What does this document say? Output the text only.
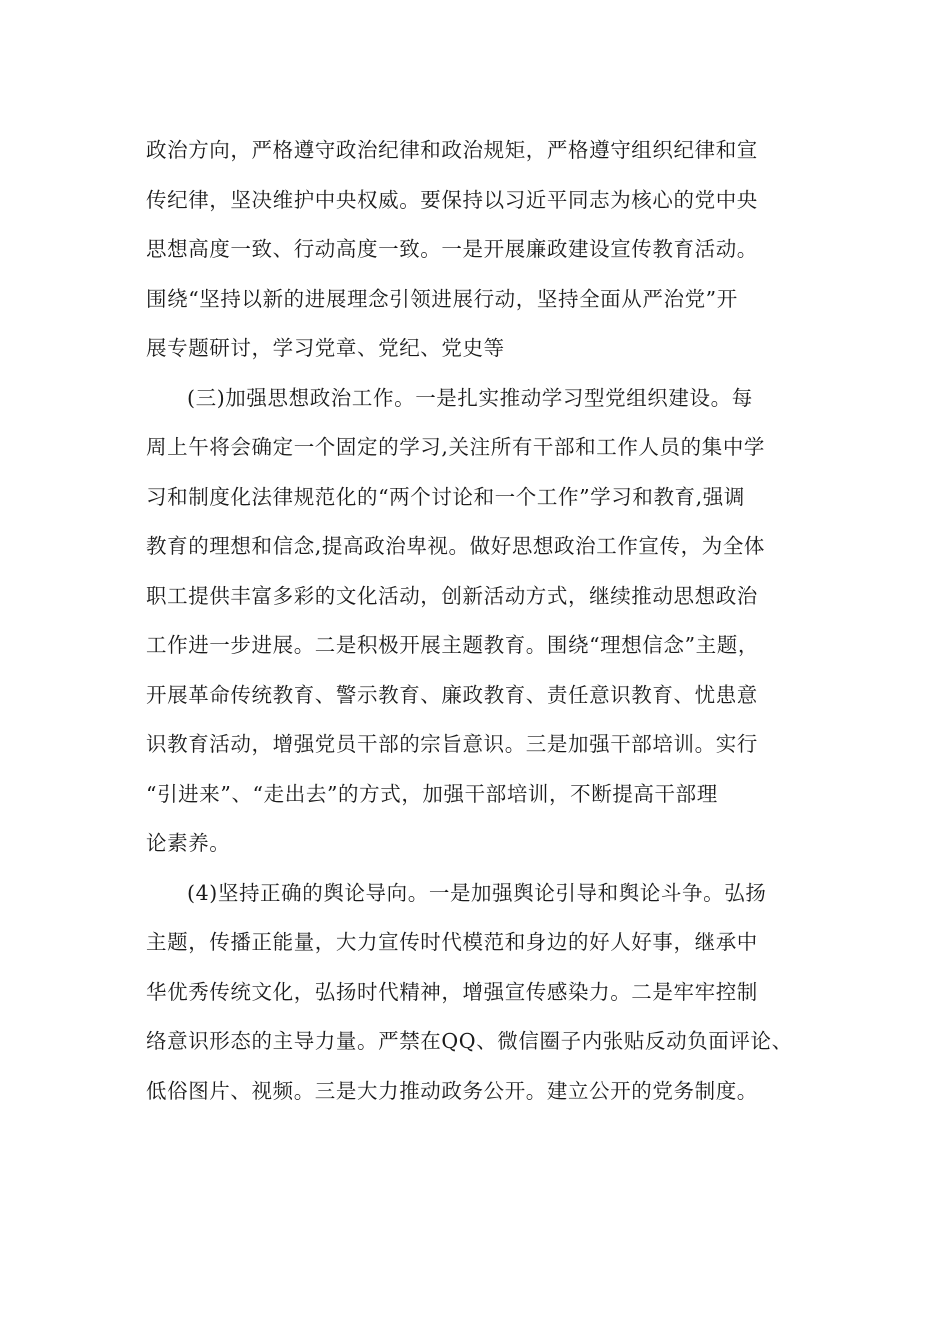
政治方向，严格遵守政治纪律和政治规矩，严格遵守组织纪律和宣
传纪律，坚决维护中央权威。要保持以习近平同志为核心的党中央
思想高度一致、行动高度一致。一是开展廉政建设宣传教育活动。
围绕“坚持以新的进展理念引领进展行动，坚持全面从严治党”开
展专题研讨，学习党章、党纪、党史等
(三)加强思想政治工作。一是扎实推动学习型党组织建设。每
周上午将会确定一个固定的学习,关注所有干部和工作人员的集中学
习和制度化法律规范化的“两个讨论和一个工作”学习和教育,强调
教育的理想和信念,提高政治卑视。做好思想政治工作宣传，为全体
职工提供丰富多彩的文化活动，创新活动方式，继续推动思想政治
工作进一步进展。二是积极开展主题教育。围绕“理想信念”主题，
开展革命传统教育、警示教育、廉政教育、责任意识教育、忧患意
识教育活动，增强党员干部的宗旨意识。三是加强干部培训。实行
“引进来”、“走出去”的方式，加强干部培训，不断提高干部理
论素养。
(4)坚持正确的舆论导向。一是加强舆论引导和舆论斗争。弘扬
主题，传播正能量，大力宣传时代模范和身边的好人好事，继承中
华优秀传统文化，弘扬时代精神，增强宣传感染力。二是牢牢控制
络意识形态的主导力量。严禁在QQ、微信圈子内张贴反动负面评论、
低俗图片、视频。三是大力推动政务公开。建立公开的党务制度。
